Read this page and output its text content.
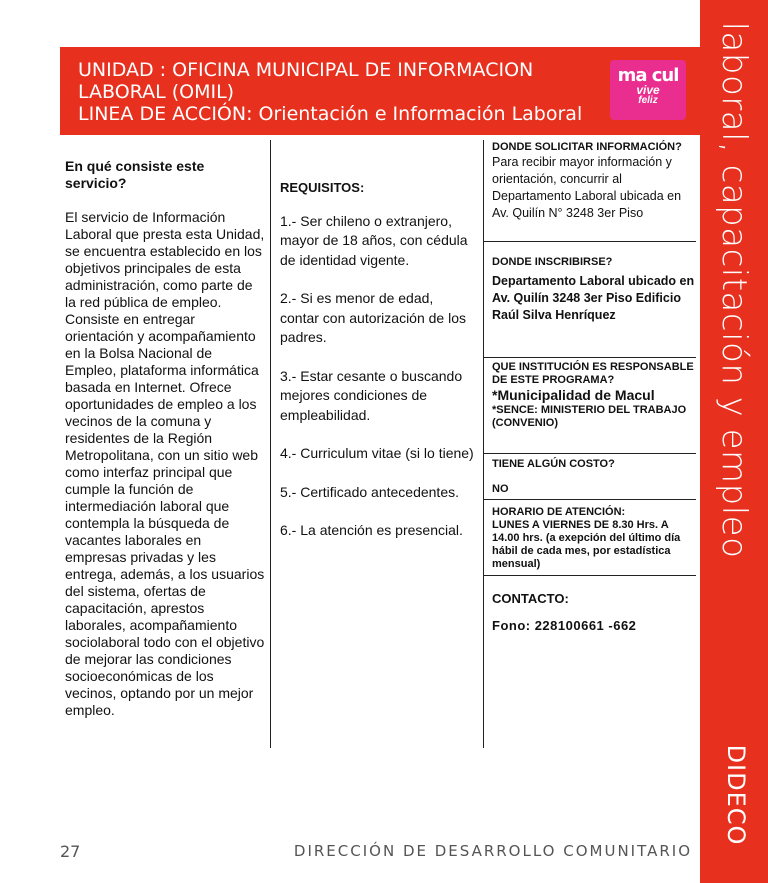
laboral, capacitación y empleo
DIDECO
UNIDAD : OFICINA MUNICIPAL DE INFORMACION
LABORAL (OMIL)
LINEA DE ACCIÓN: Orientación e Información Laboral
ma cul
vive
feliz
En qué consiste este servicio?
El servicio de Información Laboral que presta esta Unidad, se encuentra establecido en los objetivos principales de esta administración, como parte de la red pública de empleo. Consiste en entregar orientación y acompañamiento en la Bolsa Nacional de Empleo, plataforma informática basada en Internet. Ofrece oportunidades de empleo a los vecinos de la comuna y residentes de la Región Metropolitana, con un sitio web como interfaz principal que cumple la función de intermediación laboral que contempla la búsqueda de vacantes laborales en empresas privadas y les entrega, además, a los usuarios del sistema, ofertas de capacitación, aprestos laborales, acompañamiento sociolaboral todo con el objetivo de mejorar las condiciones socioeconómicas de los vecinos, optando por un mejor empleo.
REQUISITOS:
1.- Ser chileno o extranjero, mayor de 18 años, con cédula de identidad vigente.
2.- Si es menor de edad, contar con autorización de los padres.
3.- Estar cesante o buscando mejores condiciones de empleabilidad.
4.- Curriculum vitae (si lo tiene)
5.- Certificado antecedentes.
6.- La atención es presencial.
DONDE SOLICITAR INFORMACIÓN?
Para recibir mayor información y orientación, concurrir al Departamento Laboral ubicada en Av. Quilín N° 3248 3er Piso
DONDE INSCRIBIRSE?
Departamento Laboral ubicado en Av. Quilín 3248 3er Piso Edificio Raúl Silva Henríquez
QUE INSTITUCIÓN ES RESPONSABLE DE ESTE PROGRAMA?
*Municipalidad de Macul
*SENCE: MINISTERIO DEL TRABAJO (CONVENIO)
TIENE ALGÚN COSTO?
NO
HORARIO DE ATENCIÓN:
LUNES A VIERNES DE 8.30 Hrs. A 14.00 hrs. (a exepción del último día hábil de cada mes, por estadística mensual)
CONTACTO:
Fono: 228100661 -662
27	DIRECCIÓN DE DESARROLLO COMUNITARIO
